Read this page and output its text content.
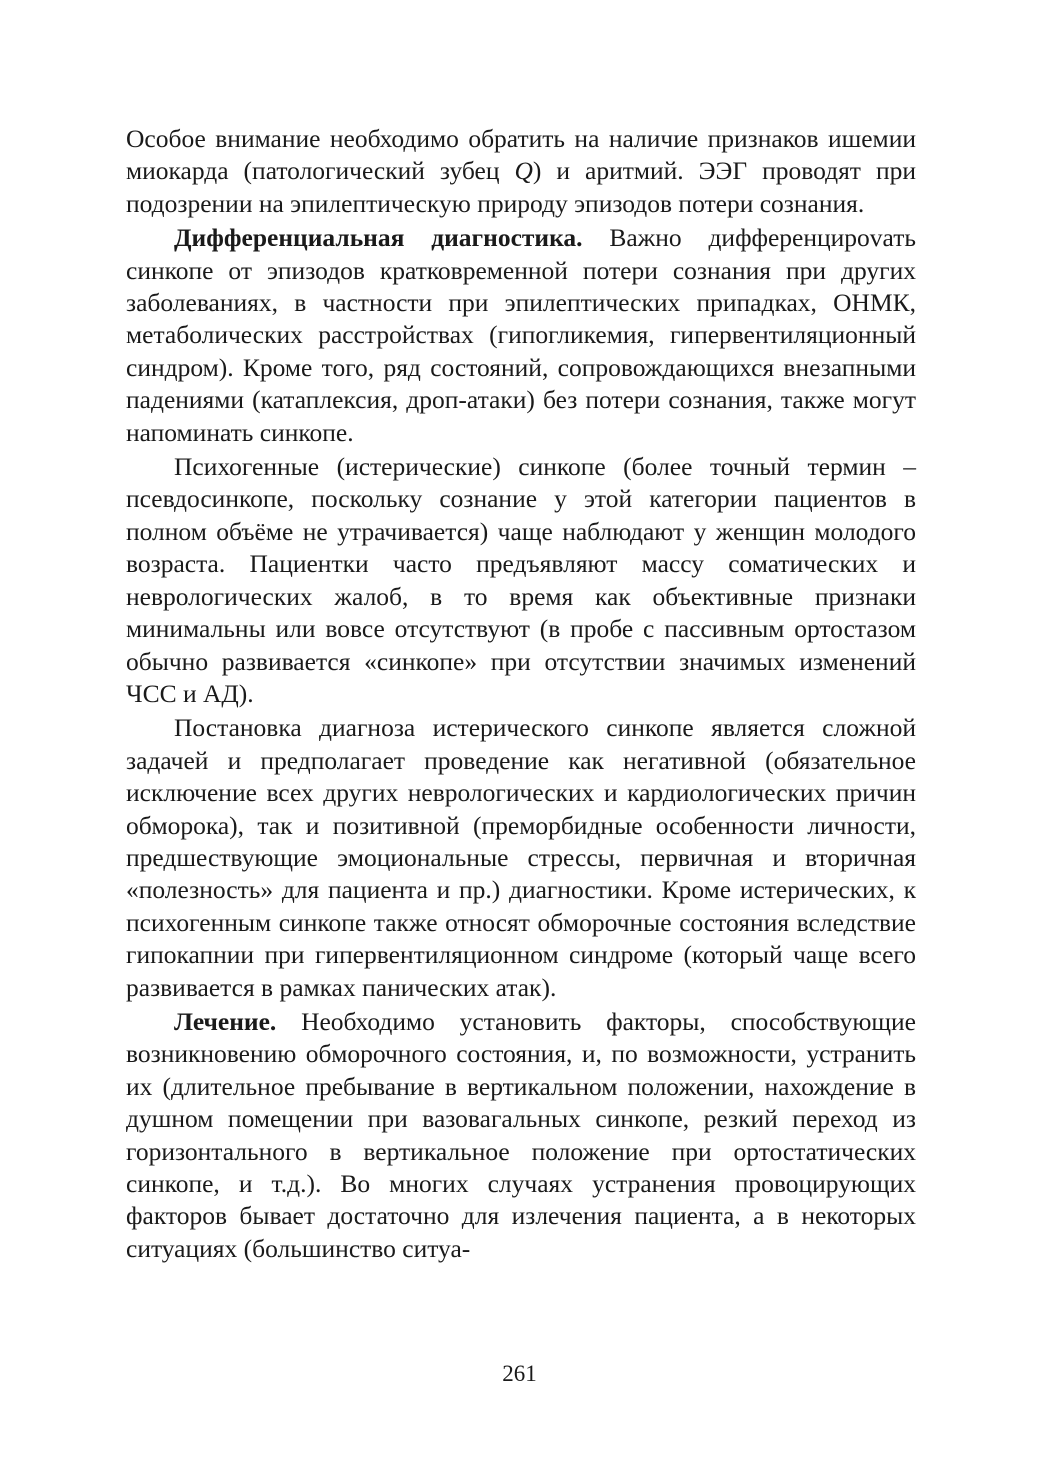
Особое внимание необходимо обратить на наличие признаков ишемии миокарда (патологический зубец Q) и аритмий. ЭЭГ проводят при подозрении на эпилептическую природу эпизодов потери сознания.

Дифференциальная диагностика. Важно дифференцироvать синкопе от эпизодов кратковременной потери сознания при других заболеваниях, в частности при эпилептических припадках, ОНМК, метаболических расстройствах (гипогликемия, гипервентиляционный синдром). Кроме того, ряд состояний, сопровождающихся внезапными падениями (катаплексия, дроп-атаки) без потери сознания, также могут напоминать синкопе.

Психогенные (истерические) синкопе (более точный термин – псевдосинкопе, поскольку сознание у этой категории пациентов в полном объёме не утрачивается) чаще наблюдают у женщин молодого возраста. Пациентки часто предъявляют массу соматических и неврологических жалоб, в то время как объективные признаки минимальны или вовсе отсутствуют (в пробе с пассивным ортостазом обычно развивается «синкопе» при отсутствии значимых изменений ЧСС и АД).

Постановка диагноза истерического синкопе является сложной задачей и предполагает проведение как негативной (обязательное исключение всех других неврологических и кардиологических причин обморока), так и позитивной (преморбидные особенности личности, предшествующие эмоциональные стрессы, первичная и вторичная «полезность» для пациента и пр.) диагностики. Кроме истерических, к психогенным синкопе также относят обморочные состояния вследствие гипокапнии при гипервентиляционном синдроме (который чаще всего развивается в рамках панических атак).

Лечение. Необходимо установить факторы, способствующие возникновению обморочного состояния, и, по возможности, устранить их (длительное пребывание в вертикальном положении, нахождение в душном помещении при вазовагальных синкопе, резкий переход из горизонтального в вертикальное положение при ортостатических синкопе, и т.д.). Во многих случаях устранения провоцирующих факторов бывает достаточно для излечения пациента, а в некоторых ситуациях (большинство ситуа-

261
